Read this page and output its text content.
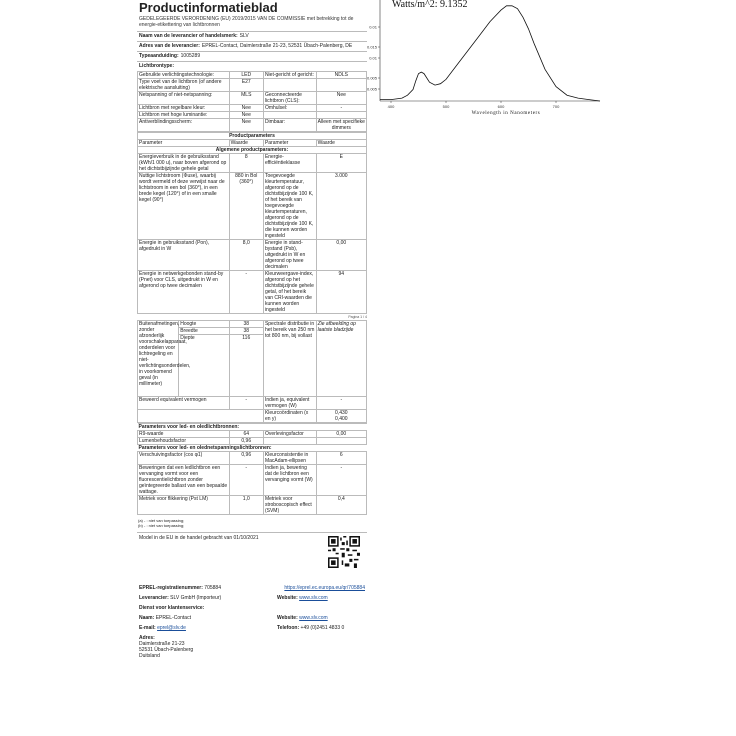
Productinformatieblad
GEDELEGEERDE VERORDENING (EU) 2019/2015 VAN DE COMMISSIE met betrekking tot de energie-etikettering van lichtbronnen
Naam van de leverancier of handelsmerk: SLV
Adres van de leverancier: EPREL-Contact, Daimlerstraße 21-23, 52531 Übach-Palenberg, DE
Typeaanduiding: 1005289
Lichtbrontype:
Gebruikte verlichtingstechnologie:	LED	Niet-gericht of gericht:	NDLS
Type voet van de lichtbron (of andere elektrische aansluiting)	E27		
Netspanning of niet-netspanning:	MLS	Geconnecteerde lichtbron (CLS):	Nee
Lichtbron met regelbare kleur:	Nee	Omhulsel:	-
Lichtbron met hoge luminantie:	Nee		
Antiverblindingsscherm:	Nee	Dimbaar:	Alleen met specifieke dimmers
Productparameters			
Parameter	Waarde	Parameter	Waarde
Algemene productparameters:			
Energieverbruik in de gebruiksstand (kWh/1 000 u), naar boven afgerond op het dichtstbijzijnde gehele getal	8	Energie-efficiëntieklasse	E
Nuttige lichtstroom (Φuse), waarbij wordt vermeld of deze verwijst naar de lichtstroom in een bol (360°), in een brede kegel (120°) of in een smalle kegel (90°)	880 in Bol (360°)	Toegevoegde kleurtemperatuur, afgerond op de dichtstbijzijnde 100 K, of het bereik van toegevoegde kleurtemperaturen, afgerond op de dichtstbijzijnde 100 K, die kunnen worden ingesteld	3.000
Energie in gebruiksstand (Pon), afgedrukt in W	8,0	Energie in stand-bystand (Psb), uitgedrukt in W en afgerond op twee decimalen	0,00
Energie in netwerkgebonden stand-by (Pnet) voor CLS, uitgedrukt in W en afgerond op twee decimalen	-	Kleurweergave-index, afgerond op het dichtstbijzijnde gehele getal, of het bereik van CRI-waarden die kunnen worden ingesteld	94
Pagina 1 / 4
Buitenafmetingen, zonder afzonderlijk voorschakelapparaat, onderdelen voor lichtregeling en niet-verlichtingsonderdelen, in voorkomend geval (in millimeter)	Hoogte	38	Spectrale distributie in het bereik van 250 nm tot 800 nm, bij vollast	Zie afbeelding op laatste bladzijde
	Breedte	38		
	Diepte	116		
Beweerd equivalent vermogen		-	Indien ja, equivalent vermogen (W)	-
			Kleurcoördinaten (x en y)	0,430
0,400
Parameters voor led- en oledlichtbronnen:			
R9-waarde	64	Overlevingsfactor	0,00
Lumenbehoudsfactor	0,96		
Parameters voor led- en olednetspanningslichtbronnen:			
Verschuivingsfactor (cos φ1)	0,96	Kleurconsistentie in MacAdam-ellipsen	6
Beweringen dat een ledlichtbron een vervanging vormt voor een fluorescentielichtbron zonder geïntegreerde ballast van een bepaalde wattage.	-	Indien ja, bewering dat de lichtbron een vervanging vormt (W)	-
Metriek voor flikkering (Pst LM)	1,0	Metriek voor stroboscopisch effect (SVM)	0,4
(a) - : niet van toepassing;
(b) - : niet van toepassing;
Model in de EU in de handel gebracht van 01/10/2021
EPREL-registratienummer: 705884	https://eprel.ec.europa.eu/qr/705884
Leverancier: SLV GmbH (Importeur)	Website: www.slv.com
Dienst voor klantenservice:
Naam: EPREL-Contact	Website: www.slv.com
E-mail: eprel@slv.de	Telefoon: +49 (0)2451 4833 0
Adres:
Daimlerstraße 21-23
52531 Übach-Palenberg
Duitsland
Watts/m^2: 9.1352
Wavelength in Nanometers
400	500	600	700
0.01
0.015
0.01
0.005
0.005
